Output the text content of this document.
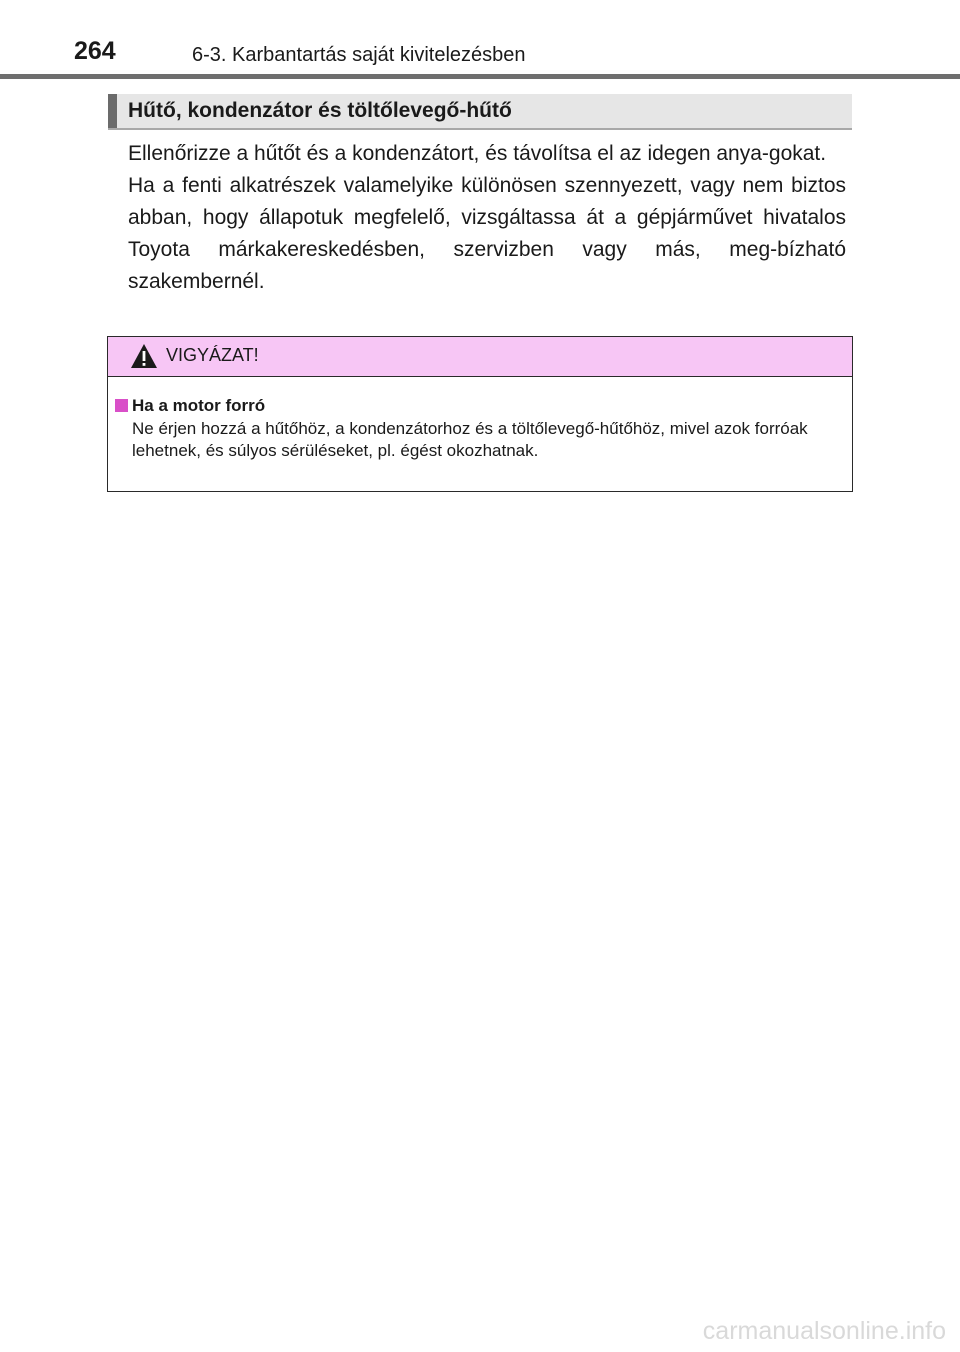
264	6-3. Karbantartás saját kivitelezésben
Hűtő, kondenzátor és töltőlevegő-hűtő

Ellenőrizze a hűtőt és a kondenzátort, és távolítsa el az idegen anya-gokat.

Ha a fenti alkatrészek valamelyike különösen szennyezett, vagy nem biztos abban, hogy állapotuk megfelelő, vizsgáltassa át a gépjárművet hivatalos Toyota márkakereskedésben, szervizben vagy más, meg-bízható szakembernél.

VIGYÁZAT!
Ha a motor forró
Ne érjen hozzá a hűtőhöz, a kondenzátorhoz és a töltőlevegő-hűtőhöz, mivel azok forróak lehetnek, és súlyos sérüléseket, pl. égést okozhatnak.
carmanualsonline.info
